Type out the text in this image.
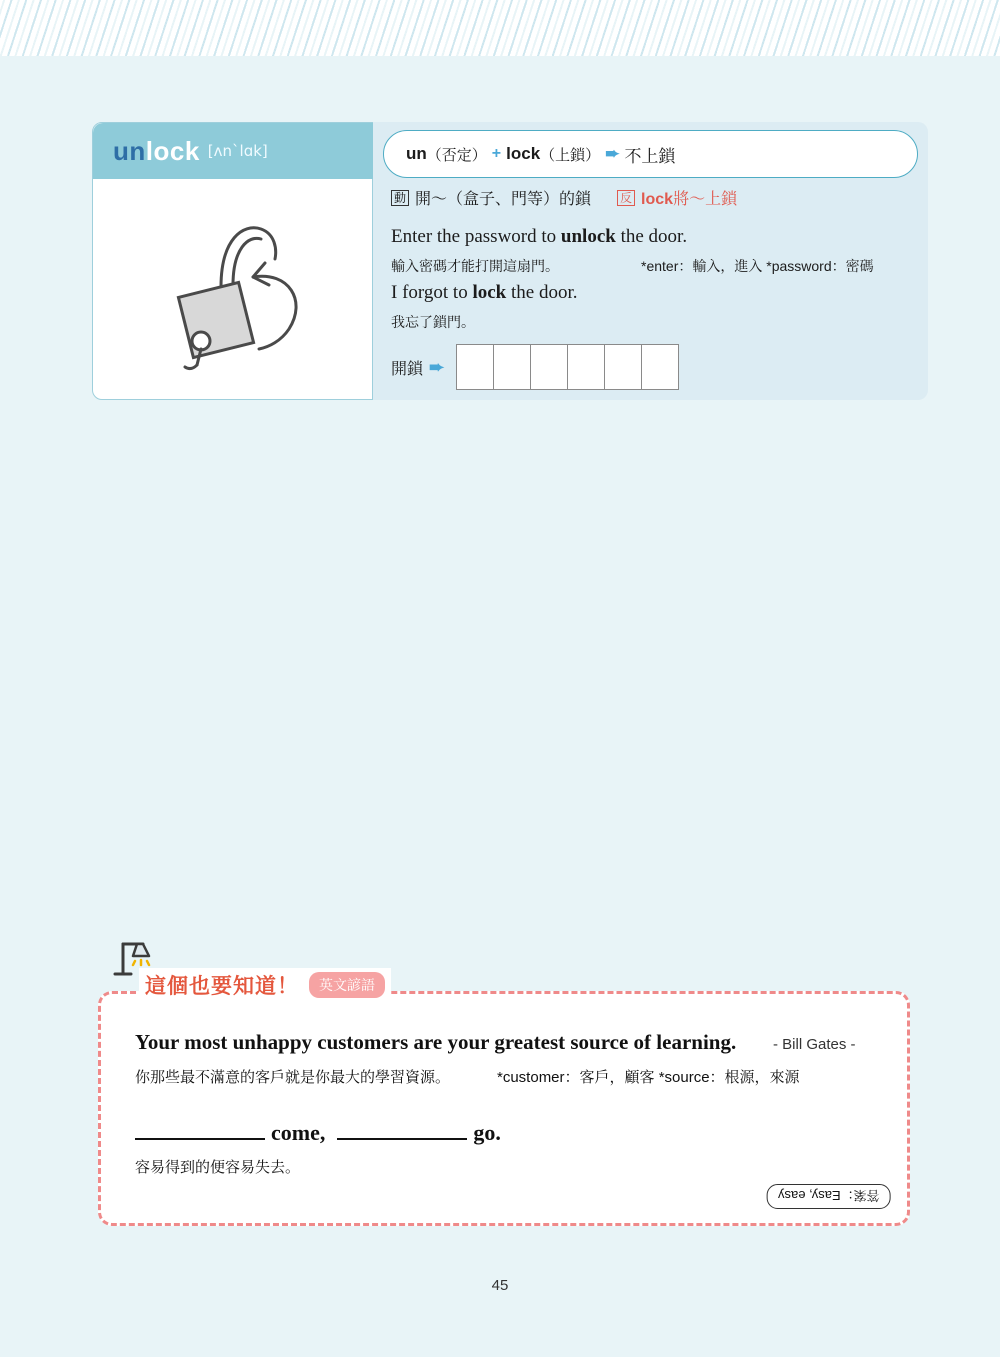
unlock [ʌnˋlɑk]	un （否定） + lock （上鎖） ➨ 不上鎖
動 開～（盒子、門等）的鎖 反 lock將～上鎖
Enter the password to unlock the door.
輸入密碼才能打開這扇門。	*enter：輸入，進入 *password：密碼
I forgot to lock the door.
我忘了鎖門。
開鎖 ➨
這個也要知道！	英文諺語
Your most unhappy customers are your greatest source of learning. - Bill Gates -
你那些最不滿意的客戶就是你最大的學習資源。	*customer：客戶，顧客 *source：根源，來源
come,	go.
容易得到的便容易失去。
答案：Easy, easy
45
